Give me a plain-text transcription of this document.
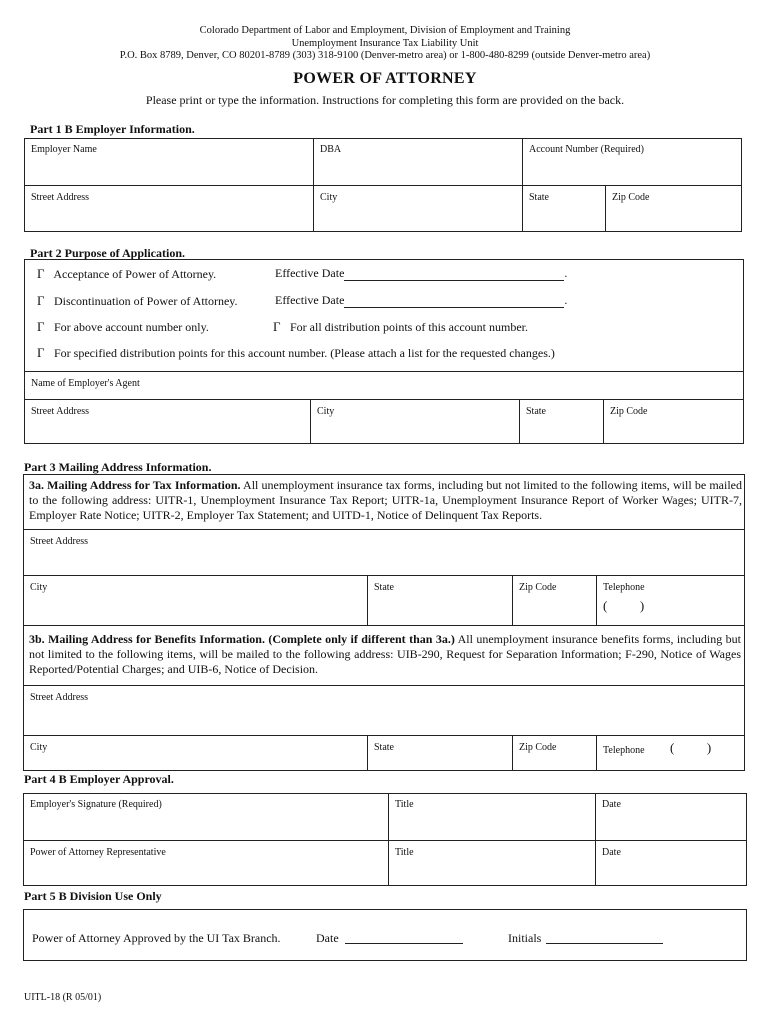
Colorado Department of Labor and Employment, Division of Employment and Training
Unemployment Insurance Tax Liability Unit
P.O. Box 8789, Denver, CO 80201-8789 (303) 318-9100 (Denver-metro area) or 1-800-480-8299 (outside Denver-metro area)
POWER OF ATTORNEY
Please print or type the information. Instructions for completing this form are provided on the back.
Part 1 B Employer Information.
Employer Name	DBA	Account Number (Required)
Street Address	City	State	Zip Code
Part 2 Purpose of Application.
Γ Acceptance of Power of Attorney.	Effective Date	.
Γ Discontinuation of Power of Attorney.	Effective Date	.
Γ For above account number only.	Γ For all distribution points of this account number.
Γ For specified distribution points for this account number. (Please attach a list for the requested changes.)
Name of Employer's Agent
Street Address	City	State	Zip Code
Part 3 Mailing Address Information.
3a. Mailing Address for Tax Information. All unemployment insurance tax forms, including but not limited to the following items, will be mailed to the following address: UITR-1, Unemployment Insurance Tax Report; UITR-1a, Unemployment Insurance Report of Worker Wages; UITR-7, Employer Rate Notice; UITR-2, Employer Tax Statement; and UITD-1, Notice of Delinquent Tax Reports.
Street Address
City	State	Zip Code	Telephone
(          )
3b. Mailing Address for Benefits Information. (Complete only if different than 3a.) All unemployment insurance benefits forms, including but not limited to the following items, will be mailed to the following address: UIB-290, Request for Separation Information; F-290, Notice of Wages Reported/Potential Charges; and UIB-6, Notice of Decision.
Street Address
City	State	Zip Code	Telephone (          )
Part 4 B Employer Approval.
Employer's Signature (Required)	Title	Date
Power of Attorney Representative	Title	Date
Part 5 B Division Use Only
Power of Attorney Approved by the UI Tax Branch.	Date	Initials
UITL-18 (R 05/01)
